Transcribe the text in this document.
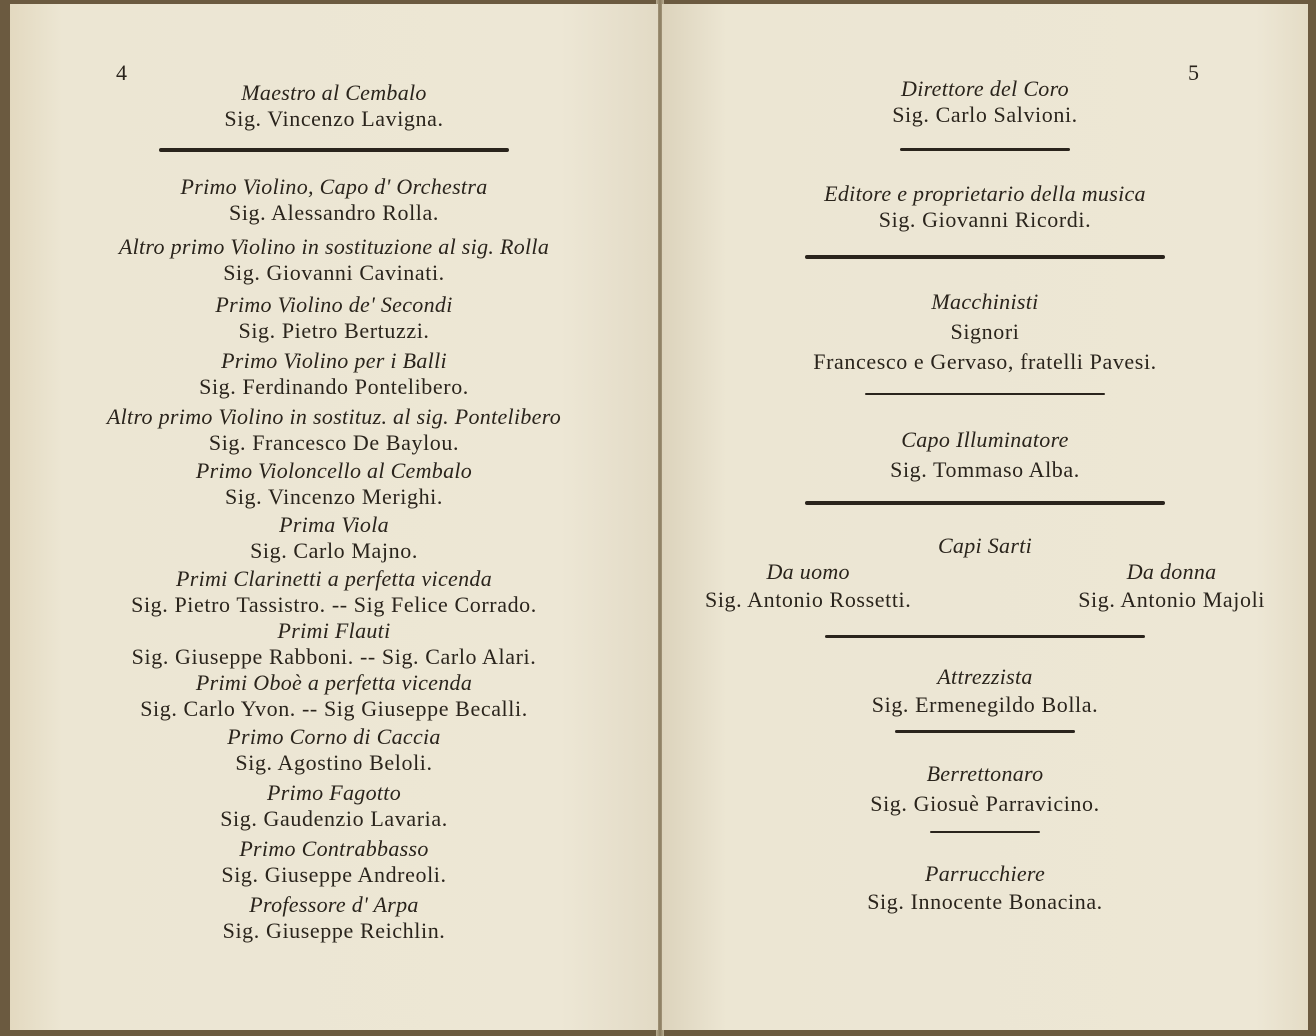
4
Maestro al Cembalo
Sig. Vincenzo Lavigna.
Primo Violino, Capo d' Orchestra
Sig. Alessandro Rolla.
Altro primo Violino in sostituzione al sig. Rolla
Sig. Giovanni Cavinati.
Primo Violino de' Secondi
Sig. Pietro Bertuzzi.
Primo Violino per i Balli
Sig. Ferdinando Pontelibero.
Altro primo Violino in sostituz. al sig. Pontelibero
Sig. Francesco De Baylou.
Primo Violoncello al Cembalo
Sig. Vincenzo Merighi.
Prima Viola
Sig. Carlo Majno.
Primi Clarinetti a perfetta vicenda
Sig. Pietro Tassistro. -- Sig Felice Corrado.
Primi Flauti
Sig. Giuseppe Rabboni. -- Sig. Carlo Alari.
Primi Oboè a perfetta vicenda
Sig. Carlo Yvon. -- Sig Giuseppe Becalli.
Primo Corno di Caccia
Sig. Agostino Beloli.
Primo Fagotto
Sig. Gaudenzio Lavaria.
Primo Contrabbasso
Sig. Giuseppe Andreoli.
Professore d' Arpa
Sig. Giuseppe Reichlin.
5
Direttore del Coro
Sig. Carlo Salvioni.
Editore e proprietario della musica
Sig. Giovanni Ricordi.
Macchinisti
Signori
Francesco e Gervaso, fratelli Pavesi.
Capo Illuminatore
Sig. Tommaso Alba.
Capi Sarti
Da uomo
Sig. Antonio Rossetti.
Da donna
Sig. Antonio Majoli
Attrezzista
Sig. Ermenegildo Bolla.
Berrettonaro
Sig. Giosuè Parravicino.
Parrucchiere
Sig. Innocente Bonacina.
